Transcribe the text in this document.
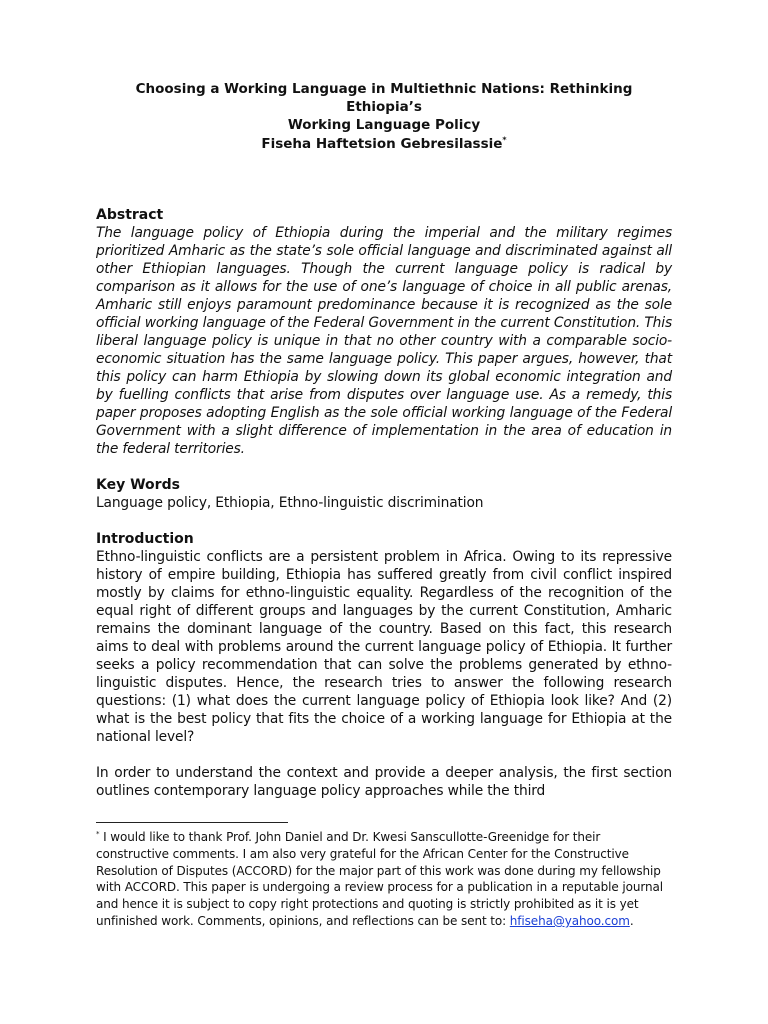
Choosing a Working Language in Multiethnic Nations: Rethinking Ethiopia’s
Working Language Policy
Fiseha Haftetsion Gebresilassie*

Abstract

The language policy of Ethiopia during the imperial and the military regimes prioritized Amharic as the state’s sole official language and discriminated against all other Ethiopian languages. Though the current language policy is radical by comparison as it allows for the use of one’s language of choice in all public arenas, Amharic still enjoys paramount predominance because it is recognized as the sole official working language of the Federal Government in the current Constitution. This liberal language policy is unique in that no other country with a comparable socio-economic situation has the same language policy. This paper argues, however, that this policy can harm Ethiopia by slowing down its global economic integration and by fuelling conflicts that arise from disputes over language use. As a remedy, this paper proposes adopting English as the sole official working language of the Federal Government with a slight difference of implementation in the area of education in the federal territories.

Key Words

Language policy, Ethiopia, Ethno-linguistic discrimination

Introduction

Ethno-linguistic conflicts are a persistent problem in Africa. Owing to its repressive history of empire building, Ethiopia has suffered greatly from civil conflict inspired mostly by claims for ethno-linguistic equality. Regardless of the recognition of the equal right of different groups and languages by the current Constitution, Amharic remains the dominant language of the country. Based on this fact, this research aims to deal with problems around the current language policy of Ethiopia. It further seeks a policy recommendation that can solve the problems generated by ethno-linguistic disputes. Hence, the research tries to answer the following research questions: (1) what does the current language policy of Ethiopia look like? And (2) what is the best policy that fits the choice of a working language for Ethiopia at the national level?

In order to understand the context and provide a deeper analysis, the first section outlines contemporary language policy approaches while the third

* I would like to thank Prof. John Daniel and Dr. Kwesi Sanscullotte-Greenidge for their constructive comments. I am also very grateful for the African Center for the Constructive Resolution of Disputes (ACCORD) for the major part of this work was done during my fellowship with ACCORD. This paper is undergoing a review process for a publication in a reputable journal and hence it is subject to copy right protections and quoting is strictly prohibited as it is yet unfinished work. Comments, opinions, and reflections can be sent to: hfiseha@yahoo.com.
